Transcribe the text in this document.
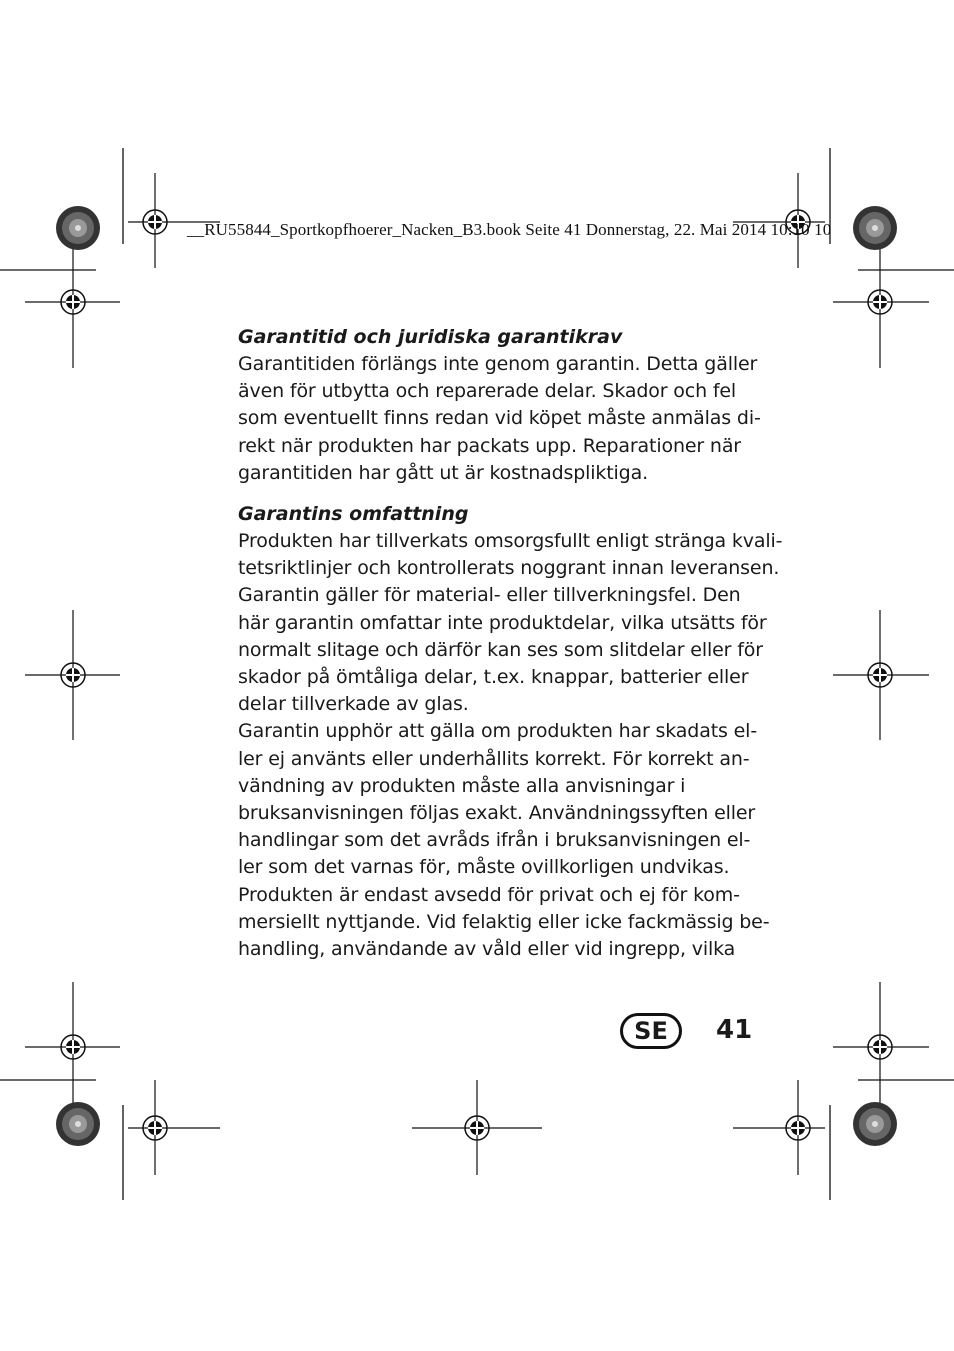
__RU55844_Sportkopfhoerer_Nacken_B3.book Seite 41 Donnerstag, 22. Mai 2014 10:10 10
Garantitid och juridiska garantikrav
Garantitiden förlängs inte genom garantin. Detta gäller
även för utbytta och reparerade delar. Skador och fel
som eventuellt finns redan vid köpet måste anmälas di-
rekt när produkten har packats upp. Reparationer när
garantitiden har gått ut är kostnadspliktiga.
Garantins omfattning
Produkten har tillverkats omsorgsfullt enligt stränga kvali-
tetsriktlinjer och kontrollerats noggrant innan leveransen.
Garantin gäller för material- eller tillverkningsfel. Den
här garantin omfattar inte produktdelar, vilka utsätts för
normalt slitage och därför kan ses som slitdelar eller för
skador på ömtåliga delar, t.ex. knappar, batterier eller
delar tillverkade av glas.
Garantin upphör att gälla om produkten har skadats el-
ler ej använts eller underhållits korrekt. För korrekt an-
vändning av produkten måste alla anvisningar i
bruksanvisningen följas exakt. Användningssyften eller
handlingar som det avråds ifrån i bruksanvisningen el-
ler som det varnas för, måste ovillkorligen undvikas.
Produkten är endast avsedd för privat och ej för kom-
mersiellt nyttjande. Vid felaktig eller icke fackmässig be-
handling, användande av våld eller vid ingrepp, vilka
SE	41
